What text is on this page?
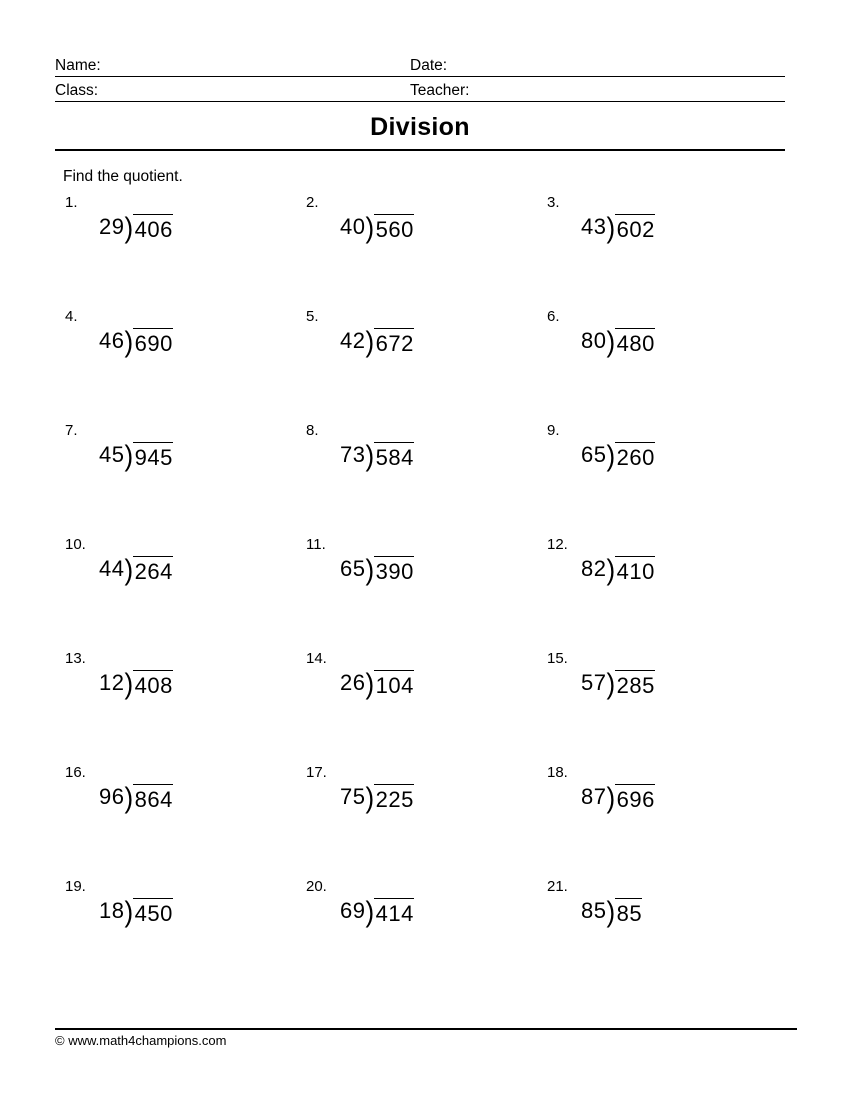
Name:	Date:
Class:	Teacher:
Division
Find the quotient.
1.
29 ) 406
2.
40 ) 560
3.
43 ) 602
4.
46 ) 690
5.
42 ) 672
6.
80 ) 480
7.
45 ) 945
8.
73 ) 584
9.
65 ) 260
10.
44 ) 264
11.
65 ) 390
12.
82 ) 410
13.
12 ) 408
14.
26 ) 104
15.
57 ) 285
16.
96 ) 864
17.
75 ) 225
18.
87 ) 696
19.
18 ) 450
20.
69 ) 414
21.
85 ) 85
© www.math4champions.com
